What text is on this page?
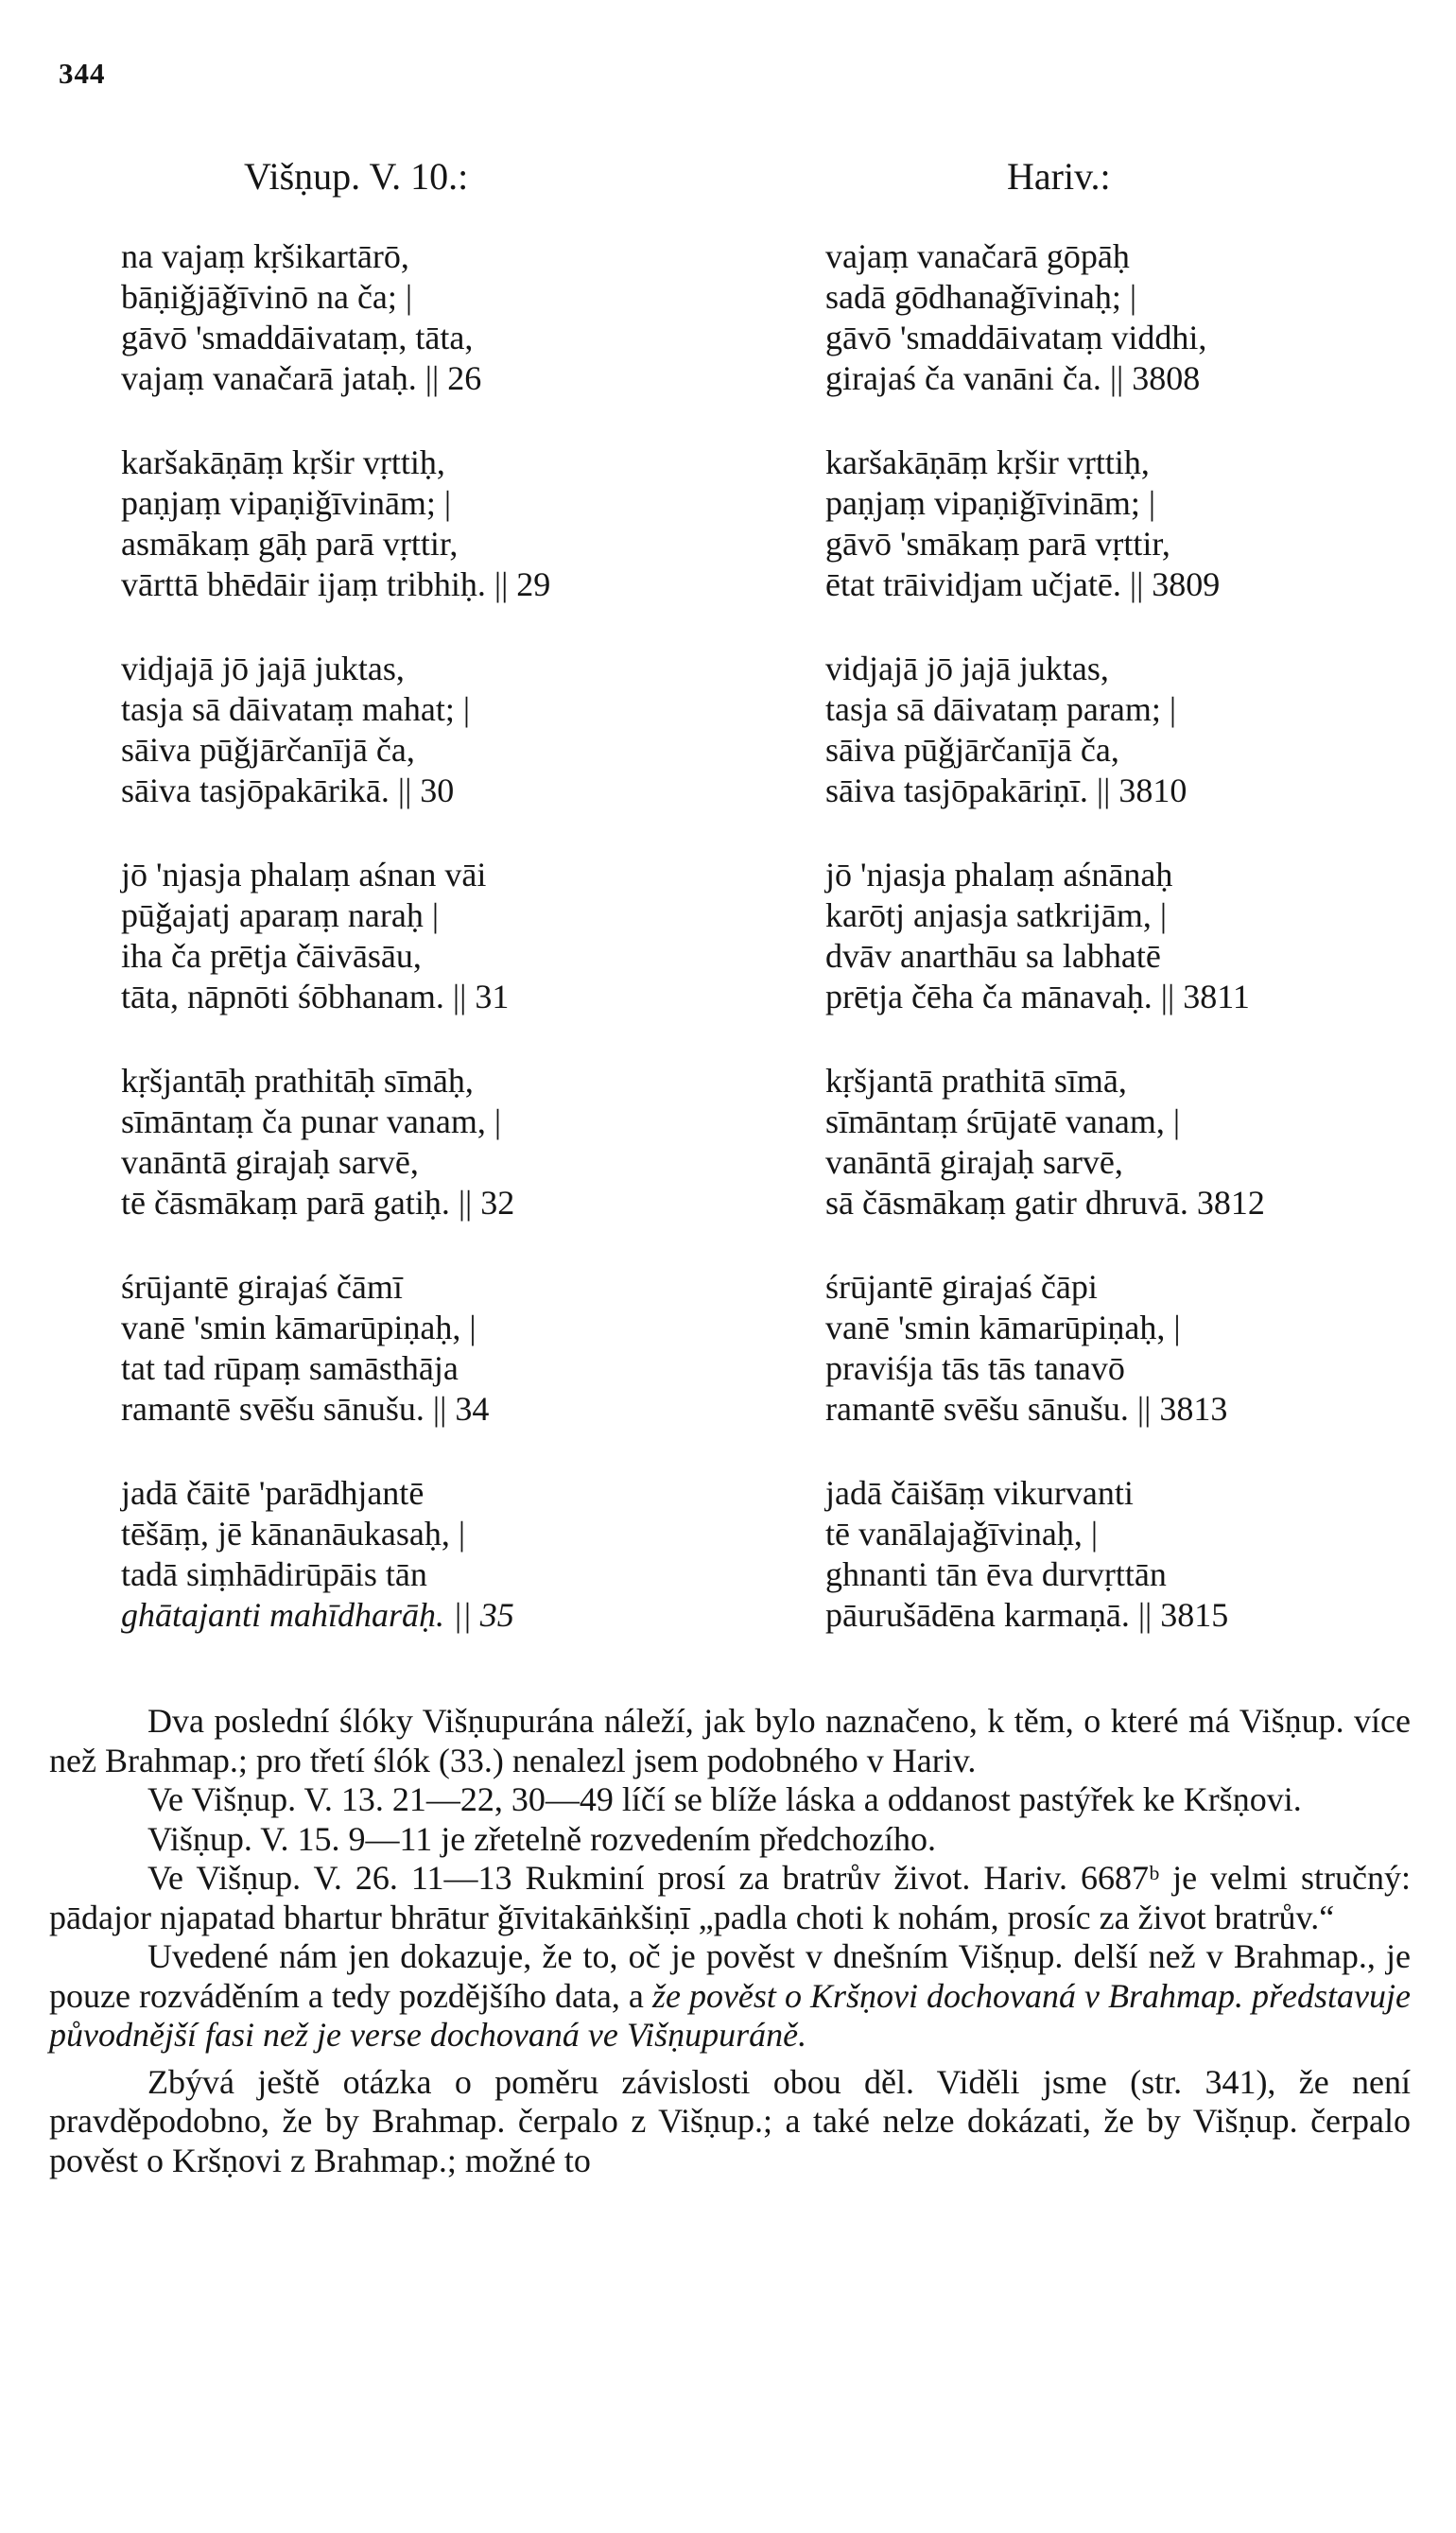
344
Višṇup. V. 10.:	Hariv.:
na vajaṃ kṛšikartārō,
bāṇiǧjāǧīvinō na ča; |
gāvō 'smaddāivataṃ, tāta,
vajaṃ vanačarā jataḥ. || 26
karšakāṇāṃ kṛšir vṛttiḥ,
paṇjaṃ vipaṇiǧīvinām; |
asmākaṃ gāḥ parā vṛttir,
vārttā bhēdāir ijaṃ tribhiḥ. || 29
vidjajā jō jajā juktas,
tasja sā dāivataṃ mahat; |
sāiva pūǧjārčanījā ča,
sāiva tasjōpakārikā. || 30
jō 'njasja phalaṃ aśnan vāi
pūǧajatj aparaṃ naraḥ |
iha ča prētja čāivāsāu,
tāta, nāpnōti śōbhanam. || 31
kṛšjantāḥ prathitāḥ sīmāḥ,
sīmāntaṃ ča punar vanam, |
vanāntā girajaḥ sarvē,
tē čāsmākaṃ parā gatiḥ. || 32
śrūjantē girajaś čāmī
vanē 'smin kāmarūpiṇaḥ, |
tat tad rūpaṃ samāsthāja
ramantē svēšu sānušu. || 34
jadā čāitē 'parādhjantē
tēšāṃ, jē kānanāukasaḥ, |
tadā siṃhādirūpāis tān
ghātajanti mahīdharāḥ. || 35
vajaṃ vanačarā gōpāḥ
sadā gōdhanaǧīvinaḥ; |
gāvō 'smaddāivataṃ viddhi,
girajaś ča vanāni ča. || 3808
karšakāṇāṃ kṛšir vṛttiḥ,
paṇjaṃ vipaṇiǧīvinām; |
gāvō 'smākaṃ parā vṛttir,
ētat trāividjam učjatē. || 3809
vidjajā jō jajā juktas,
tasja sā dāivataṃ param; |
sāiva pūǧjārčanījā ča,
sāiva tasjōpakāriṇī. || 3810
jō 'njasja phalaṃ aśnānaḥ
karōtj anjasja satkrijām, |
dvāv anarthāu sa labhatē
prētja čēha ča mānavaḥ. || 3811
kṛšjantā prathitā sīmā,
sīmāntaṃ śrūjatē vanam, |
vanāntā girajaḥ sarvē,
sā čāsmākaṃ gatir dhruvā. 3812
śrūjantē girajaś čāpi
vanē 'smin kāmarūpiṇaḥ, |
praviśja tās tās tanavō
ramantē svēšu sānušu. || 3813
jadā čāišāṃ vikurvanti
tē vanālajaǧīvinaḥ, |
ghnanti tān ēva durvṛttān
pāurušādēna karmaṇā. || 3815

Dva poslední ślóky Višṇupurána náleží, jak bylo naznačeno, k těm, o které má Višṇup. více než Brahmap.; pro třetí ślók (33.) nenalezl jsem podobného v Hariv.

Ve Višṇup. V. 13. 21—22, 30—49 líčí se blíže láska a oddanost pastýřek ke Kršṇovi.

Višṇup. V. 15. 9—11 je zřetelně rozvedením předchozího.

Ve Višṇup. V. 26. 11—13 Rukminí prosí za bratrův život. Hariv. 6687ᵇ je velmi stručný: pādajor njapatad bhartur bhrātur ǧīvitakāṅkšiṇī „padla choti k nohám, prosíc za život bratrův.“

Uvedené nám jen dokazuje, že to, oč je pověst v dnešním Višṇup. delší než v Brahmap., je pouze rozváděním a tedy pozdějšího data, a že pověst o Kršṇovi dochovaná v Brahmap. představuje původnější fasi než je verse dochovaná ve Višṇupuráně.

Zbývá ještě otázka o poměru závislosti obou děl. Viděli jsme (str. 341), že není pravděpodobno, že by Brahmap. čerpalo z Višṇup.; a také nelze dokázati, že by Višṇup. čerpalo pověst o Kršṇovi z Brahmap.; možné to
